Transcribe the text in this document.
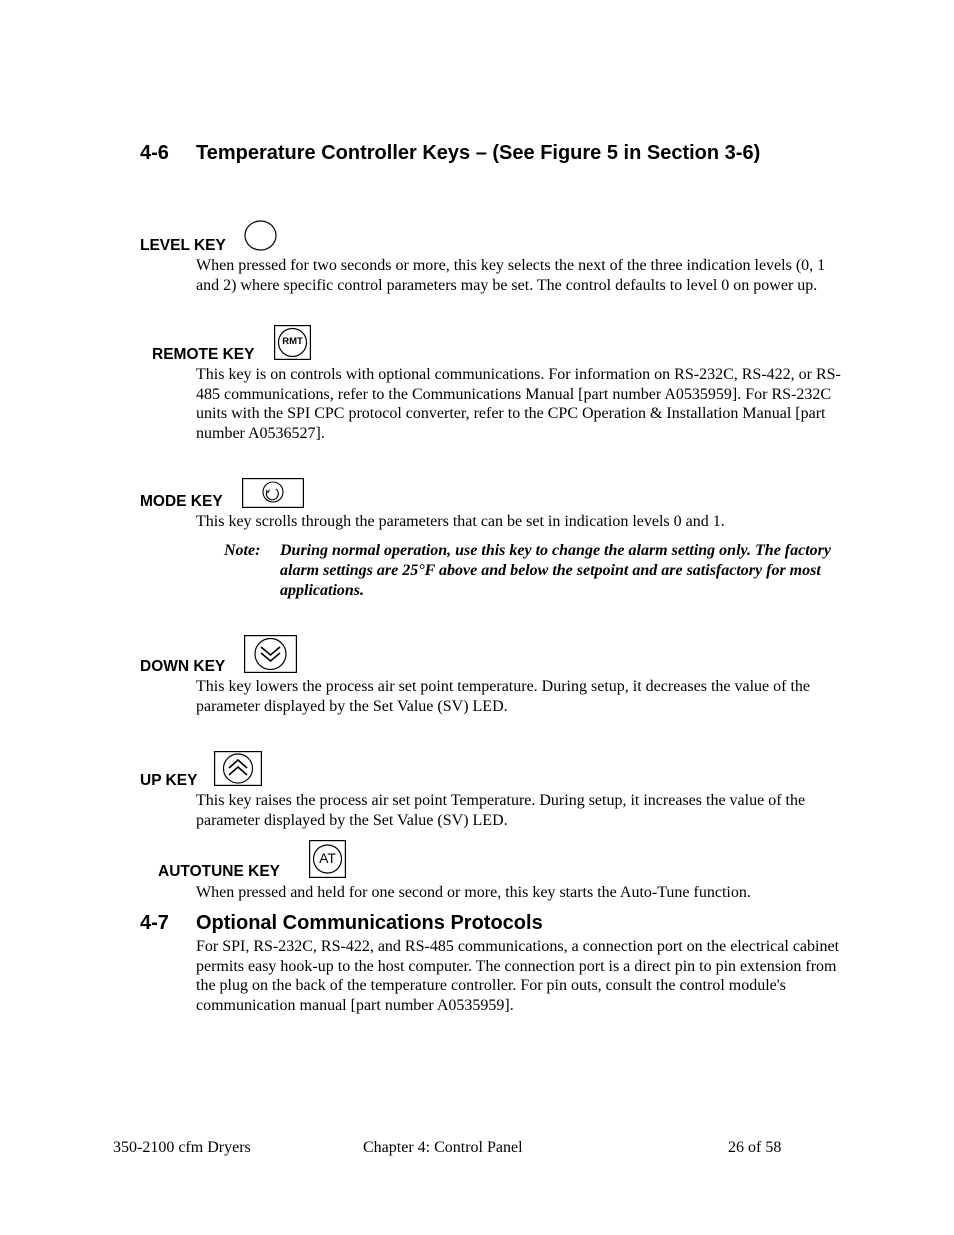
4-6 Temperature Controller Keys – (See Figure 5 in Section 3-6)
LEVEL KEY
When pressed for two seconds or more, this key selects the next of the three indication levels (0, 1 and 2) where specific control parameters may be set. The control defaults to level 0 on power up.
REMOTE KEY
RMT
This key is on controls with optional communications. For information on RS-232C, RS-422, or RS-485 communications, refer to the Communications Manual [part number A0535959]. For RS-232C units with the SPI CPC protocol converter, refer to the CPC Operation & Installation Manual [part number A0536527].
MODE KEY
This key scrolls through the parameters that can be set in indication levels 0 and 1.
Note: During normal operation, use this key to change the alarm setting only. The factory alarm settings are 25°F above and below the setpoint and are satisfactory for most applications.
DOWN KEY
This key lowers the process air set point temperature. During setup, it decreases the value of the parameter displayed by the Set Value (SV) LED.
UP KEY
This key raises the process air set point Temperature. During setup, it increases the value of the parameter displayed by the Set Value (SV) LED.
AUTOTUNE KEY
AT
When pressed and held for one second or more, this key starts the Auto-Tune function.
4-7 Optional Communications Protocols
For SPI, RS-232C, RS-422, and RS-485 communications, a connection port on the electrical cabinet permits easy hook-up to the host computer. The connection port is a direct pin to pin extension from the plug on the back of the temperature controller. For pin outs, consult the control module's communication manual [part number A0535959].
350-2100 cfm Dryers	Chapter 4: Control Panel	26 of 58
